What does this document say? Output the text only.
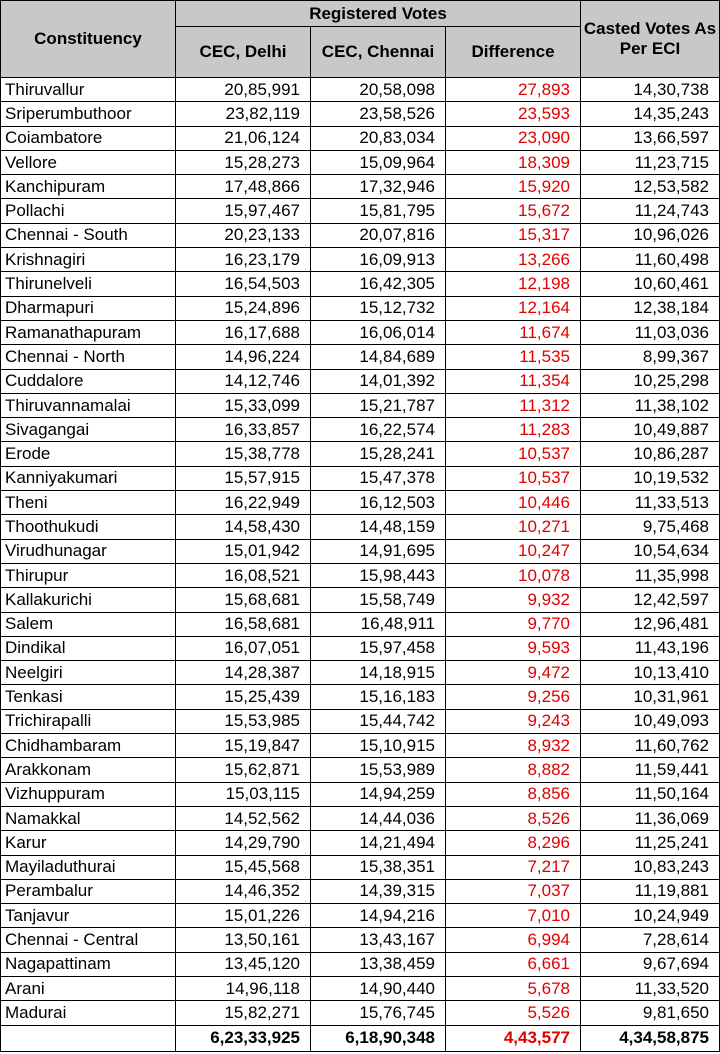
Constituency	Registered Votes			Casted Votes As Per ECI
	CEC, Delhi	CEC, Chennai	Difference	
Thiruvallur	20,85,991	20,58,098	27,893	14,30,738
Sriperumbuthoor	23,82,119	23,58,526	23,593	14,35,243
Coiambatore	21,06,124	20,83,034	23,090	13,66,597
Vellore	15,28,273	15,09,964	18,309	11,23,715
Kanchipuram	17,48,866	17,32,946	15,920	12,53,582
Pollachi	15,97,467	15,81,795	15,672	11,24,743
Chennai - South	20,23,133	20,07,816	15,317	10,96,026
Krishnagiri	16,23,179	16,09,913	13,266	11,60,498
Thirunelveli	16,54,503	16,42,305	12,198	10,60,461
Dharmapuri	15,24,896	15,12,732	12,164	12,38,184
Ramanathapuram	16,17,688	16,06,014	11,674	11,03,036
Chennai - North	14,96,224	14,84,689	11,535	8,99,367
Cuddalore	14,12,746	14,01,392	11,354	10,25,298
Thiruvannamalai	15,33,099	15,21,787	11,312	11,38,102
Sivagangai	16,33,857	16,22,574	11,283	10,49,887
Erode	15,38,778	15,28,241	10,537	10,86,287
Kanniyakumari	15,57,915	15,47,378	10,537	10,19,532
Theni	16,22,949	16,12,503	10,446	11,33,513
Thoothukudi	14,58,430	14,48,159	10,271	9,75,468
Virudhunagar	15,01,942	14,91,695	10,247	10,54,634
Thirupur	16,08,521	15,98,443	10,078	11,35,998
Kallakurichi	15,68,681	15,58,749	9,932	12,42,597
Salem	16,58,681	16,48,911	9,770	12,96,481
Dindikal	16,07,051	15,97,458	9,593	11,43,196
Neelgiri	14,28,387	14,18,915	9,472	10,13,410
Tenkasi	15,25,439	15,16,183	9,256	10,31,961
Trichirapalli	15,53,985	15,44,742	9,243	10,49,093
Chidhambaram	15,19,847	15,10,915	8,932	11,60,762
Arakkonam	15,62,871	15,53,989	8,882	11,59,441
Vizhuppuram	15,03,115	14,94,259	8,856	11,50,164
Namakkal	14,52,562	14,44,036	8,526	11,36,069
Karur	14,29,790	14,21,494	8,296	11,25,241
Mayiladuthurai	15,45,568	15,38,351	7,217	10,83,243
Perambalur	14,46,352	14,39,315	7,037	11,19,881
Tanjavur	15,01,226	14,94,216	7,010	10,24,949
Chennai - Central	13,50,161	13,43,167	6,994	7,28,614
Nagapattinam	13,45,120	13,38,459	6,661	9,67,694
Arani	14,96,118	14,90,440	5,678	11,33,520
Madurai	15,82,271	15,76,745	5,526	9,81,650
	6,23,33,925	6,18,90,348	4,43,577	4,34,58,875
